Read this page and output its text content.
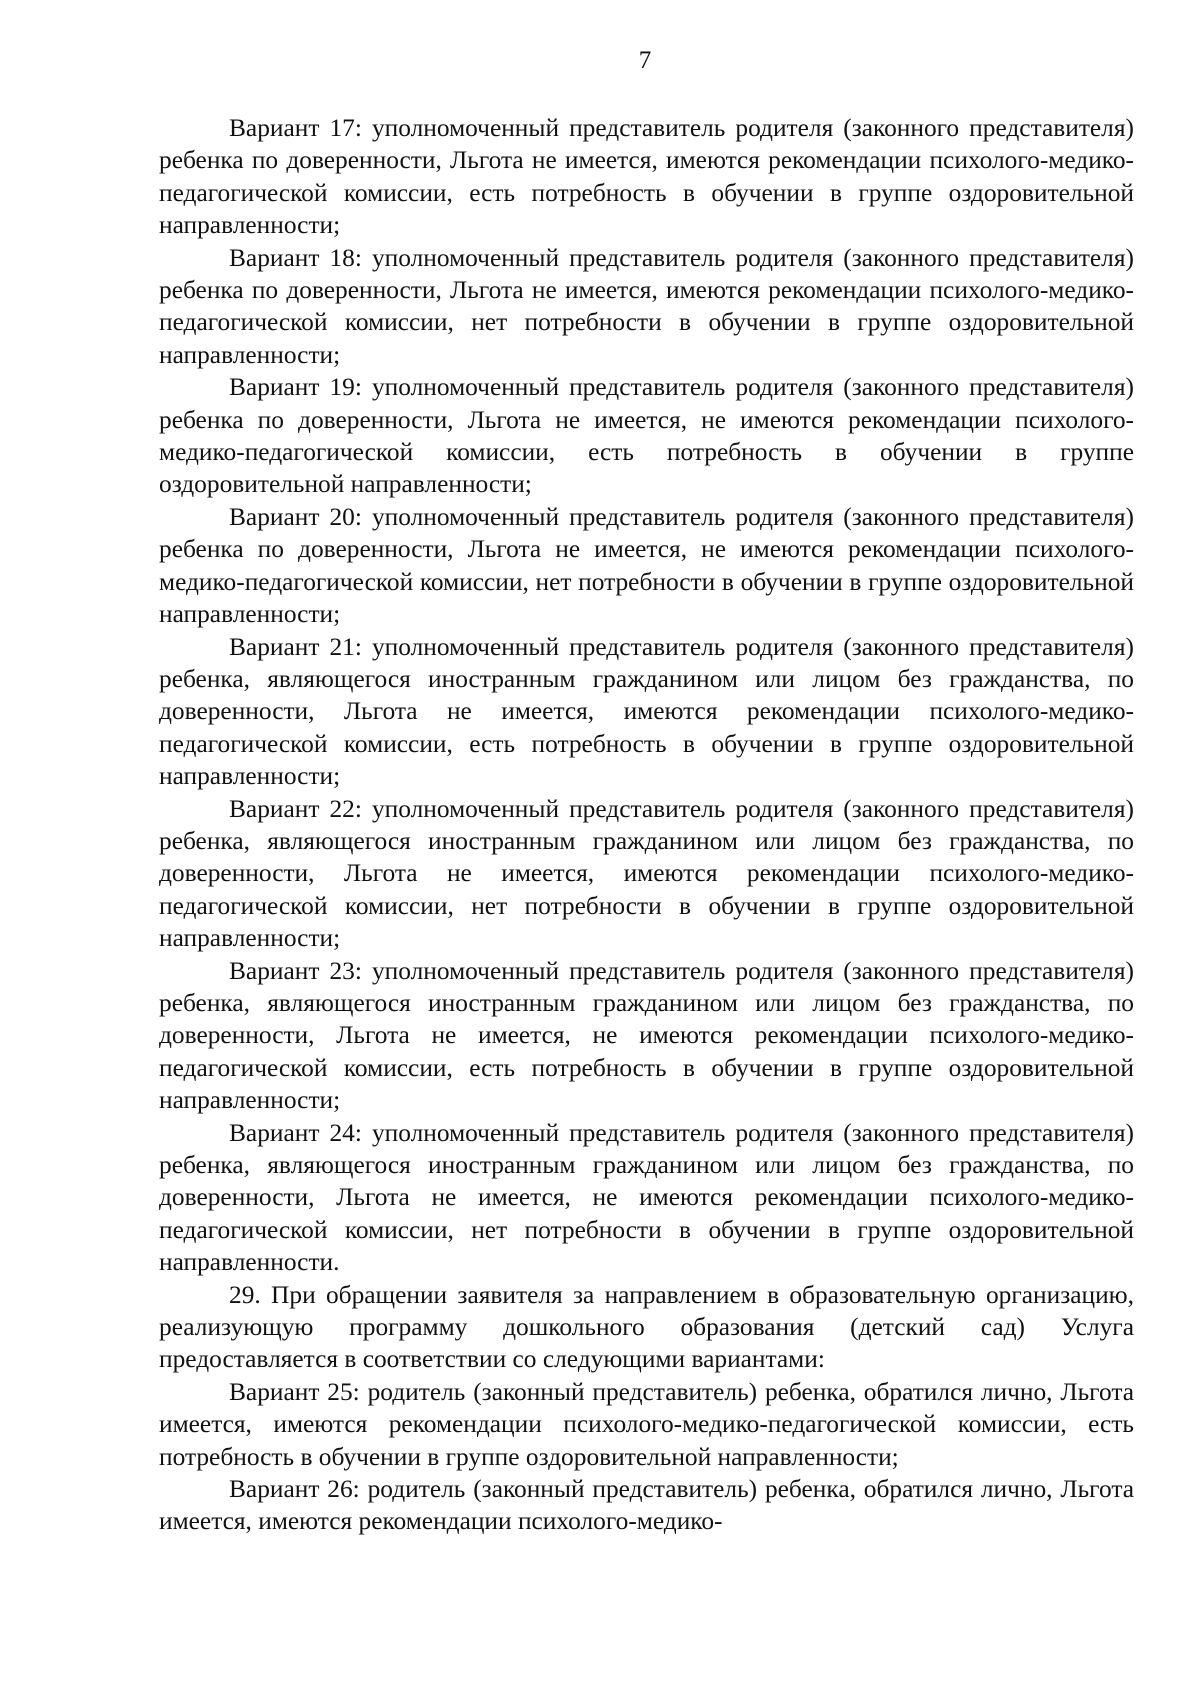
7

Вариант 17: уполномоченный представитель родителя (законного представителя) ребенка по доверенности, Льгота не имеется, имеются рекомендации психолого-медико-педагогической комиссии, есть потребность в обучении в группе оздоровительной направленности;

Вариант 18: уполномоченный представитель родителя (законного представителя) ребенка по доверенности, Льгота не имеется, имеются рекомендации психолого-медико-педагогической комиссии, нет потребности в обучении в группе оздоровительной направленности;

Вариант 19: уполномоченный представитель родителя (законного представителя) ребенка по доверенности, Льгота не имеется, не имеются рекомендации психолого-медико-педагогической комиссии, есть потребность в обучении в группе оздоровительной направленности;

Вариант 20: уполномоченный представитель родителя (законного представителя) ребенка по доверенности, Льгота не имеется, не имеются рекомендации психолого-медико-педагогической комиссии, нет потребности в обучении в группе оздоровительной направленности;

Вариант 21: уполномоченный представитель родителя (законного представителя) ребенка, являющегося иностранным гражданином или лицом без гражданства, по доверенности, Льгота не имеется, имеются рекомендации психолого-медико-педагогической комиссии, есть потребность в обучении в группе оздоровительной направленности;

Вариант 22: уполномоченный представитель родителя (законного представителя) ребенка, являющегося иностранным гражданином или лицом без гражданства, по доверенности, Льгота не имеется, имеются рекомендации психолого-медико-педагогической комиссии, нет потребности в обучении в группе оздоровительной направленности;

Вариант 23: уполномоченный представитель родителя (законного представителя) ребенка, являющегося иностранным гражданином или лицом без гражданства, по доверенности, Льгота не имеется, не имеются рекомендации психолого-медико-педагогической комиссии, есть потребность в обучении в группе оздоровительной направленности;

Вариант 24: уполномоченный представитель родителя (законного представителя) ребенка, являющегося иностранным гражданином или лицом без гражданства, по доверенности, Льгота не имеется, не имеются рекомендации психолого-медико-педагогической комиссии, нет потребности в обучении в группе оздоровительной направленности.

29. При обращении заявителя за направлением в образовательную организацию, реализующую программу дошкольного образования (детский сад) Услуга предоставляется в соответствии со следующими вариантами:

Вариант 25: родитель (законный представитель) ребенка, обратился лично, Льгота имеется, имеются рекомендации психолого-медико-педагогической комиссии, есть потребность в обучении в группе оздоровительной направленности;

Вариант 26: родитель (законный представитель) ребенка, обратился лично, Льгота имеется, имеются рекомендации психолого-медико-
